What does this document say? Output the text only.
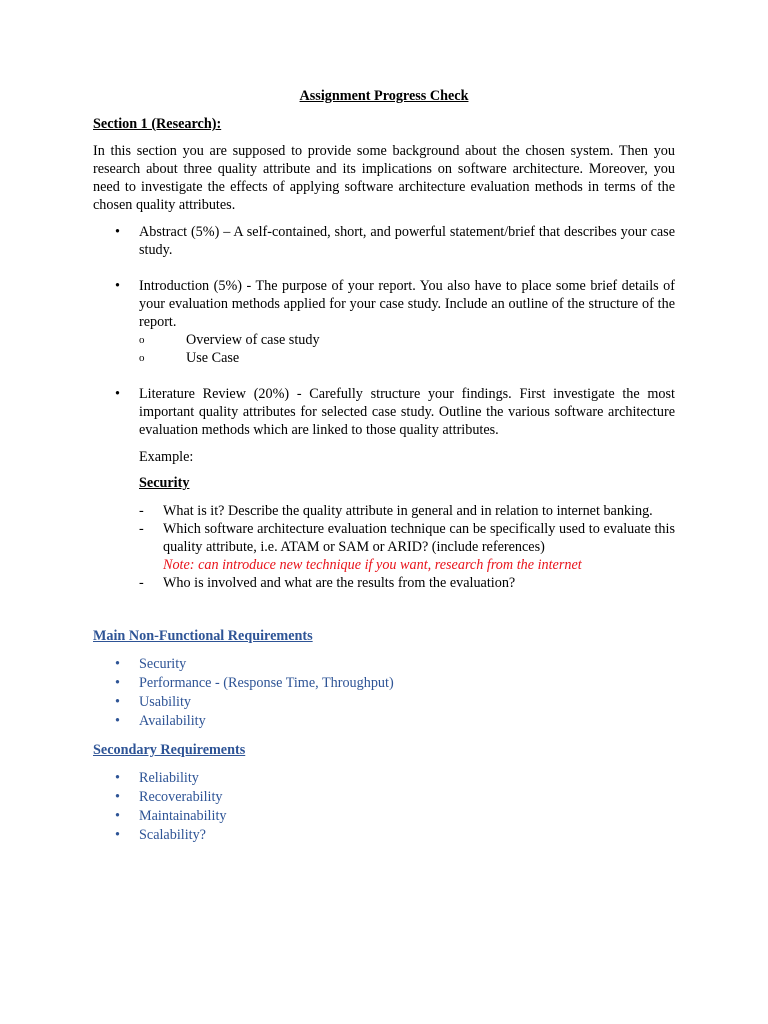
Assignment Progress Check
Section 1 (Research):

In this section you are supposed to provide some background about the chosen system. Then you research about three quality attribute and its implications on software architecture. Moreover, you need to investigate the effects of applying software architecture evaluation methods in terms of the chosen quality attributes.

• Abstract (5%) – A self-contained, short, and powerful statement/brief that describes your case study.
• Introduction (5%) - The purpose of your report. You also have to place some brief details of your evaluation methods applied for your case study. Include an outline of the structure of the report.
o	Overview of case study
o	Use Case
• Literature Review (20%) - Carefully structure your findings. First investigate the most important quality attributes for selected case study. Outline the various software architecture evaluation methods which are linked to those quality attributes.
Example:
Security
- What is it? Describe the quality attribute in general and in relation to internet banking.
- Which software architecture evaluation technique can be specifically used to evaluate this quality attribute, i.e. ATAM or SAM or ARID? (include references)
Note: can introduce new technique if you want, research from the internet
- Who is involved and what are the results from the evaluation?
Main Non-Functional Requirements
• Security
• Performance - (Response Time, Throughput)
• Usability
• Availability
Secondary Requirements
• Reliability
• Recoverability
• Maintainability
• Scalability?
